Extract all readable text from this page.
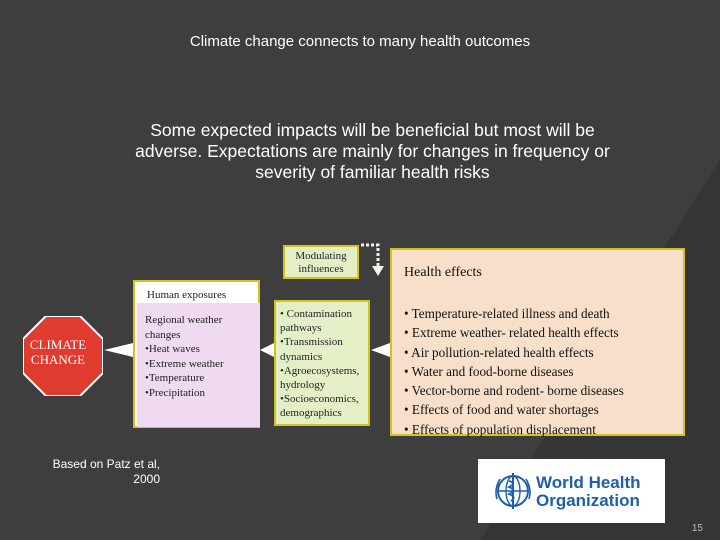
Climate change connects to many health outcomes
Some expected impacts will be beneficial but most will be adverse. Expectations are mainly for changes in frequency or severity of familiar health risks
Human exposures
Regional weather changes
•Heat waves
•Extreme weather
•Temperature
•Precipitation
• Contamination pathways
•Transmission dynamics
•Agroecosystems, hydrology
•Socioeconomics, demographics
Modulating influences	Health effects
• Temperature-related illness and death
• Extreme weather- related health effects
• Air pollution-related health effects
• Water and food-borne diseases
• Vector-borne and rodent- borne diseases
• Effects of food and water shortages
• Effects of population displacement
CLIMATE CHANGE
Based on Patz et al,
2000	World Health
Organization
15
